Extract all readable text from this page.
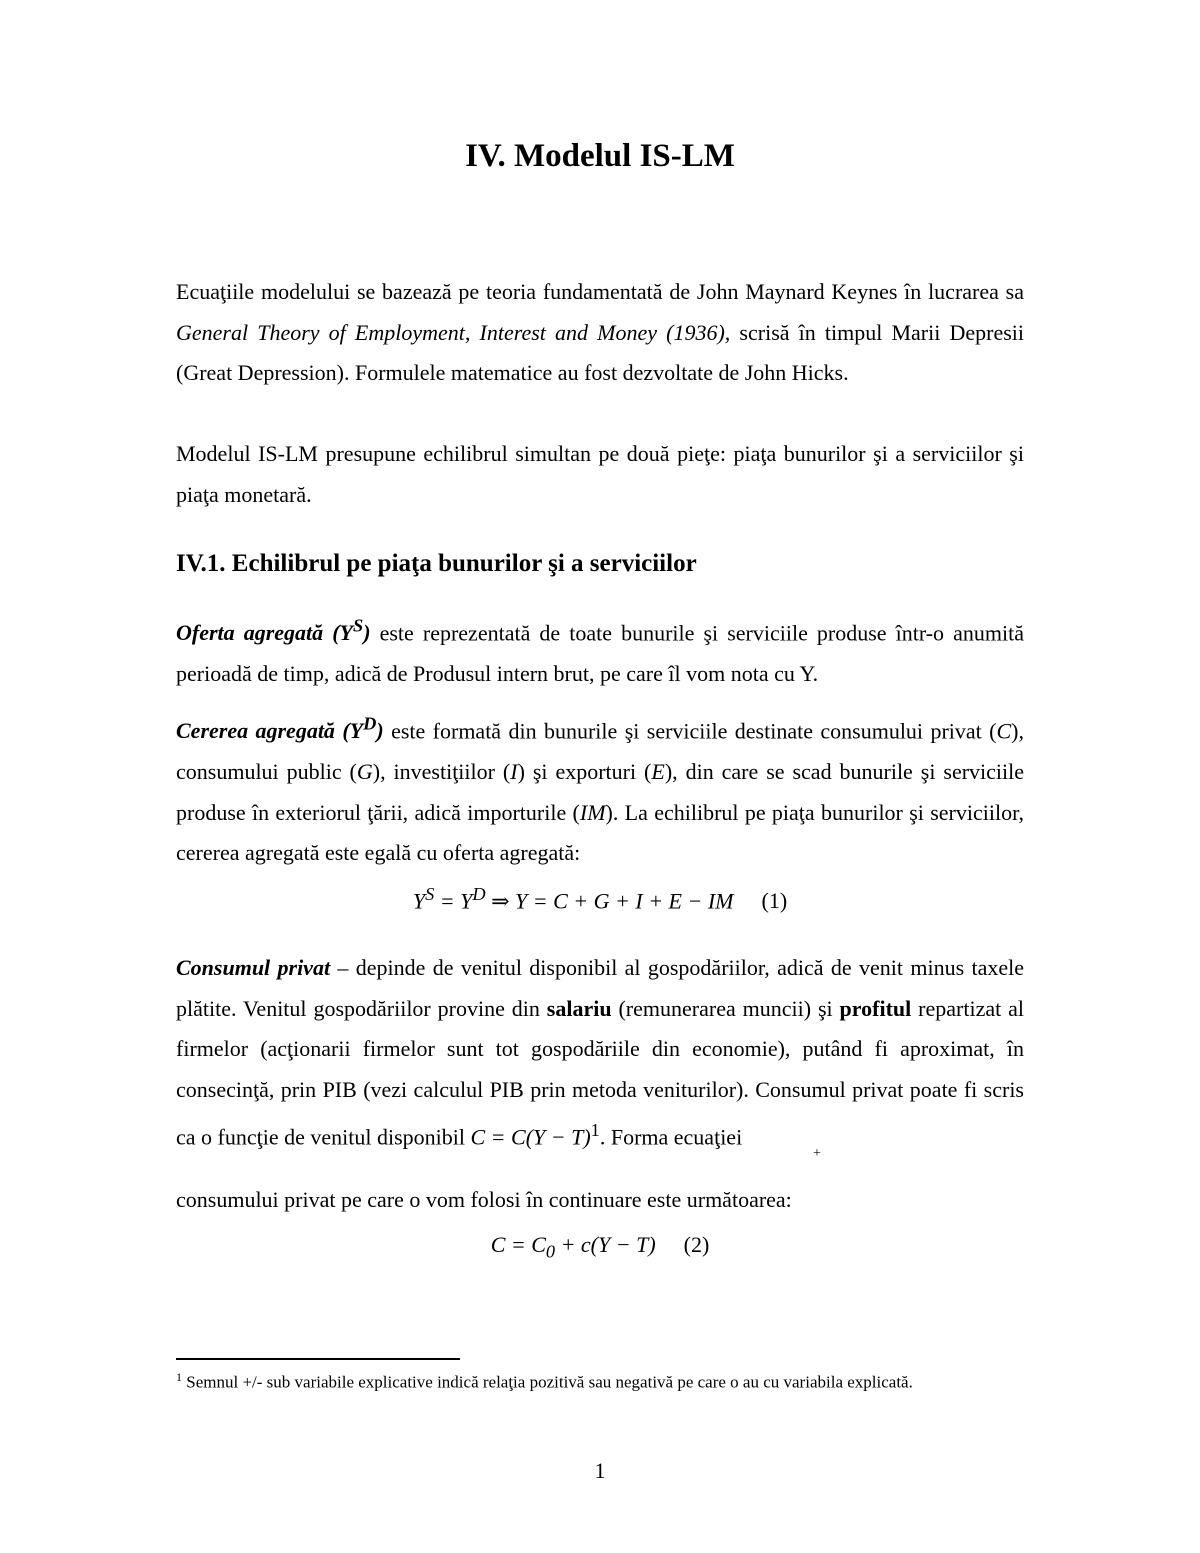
IV. Modelul IS-LM

Ecuaţiile modelului se bazează pe teoria fundamentată de John Maynard Keynes în lucrarea sa General Theory of Employment, Interest and Money (1936), scrisă în timpul Marii Depresii (Great Depression). Formulele matematice au fost dezvoltate de John Hicks.

Modelul IS-LM presupune echilibrul simultan pe două pieţe: piaţa bunurilor şi a serviciilor şi piaţa monetară.

IV.1. Echilibrul pe piaţa bunurilor şi a serviciilor

Oferta agregată $(Y^S)$ este reprezentată de toate bunurile şi serviciile produse într-o anumită perioadă de timp, adică de Produsul intern brut, pe care îl vom nota cu Y.

Cererea agregată $(Y^D)$ este formată din bunurile şi serviciile destinate consumului privat (C), consumului public (G), investiţiilor (I) şi exporturi (E), din care se scad bunurile şi serviciile produse în exteriorul ţării, adică importurile (IM). La echilibrul pe piaţa bunurilor şi serviciilor, cererea agregată este egală cu oferta agregată:

$Y^S = Y^D$ ⇒ Y = C + G + I + E − IM (1)

Consumul privat – depinde de venitul disponibil al gospodăriilor, adică de venit minus taxele plătite. Venitul gospodăriilor provine din salariu (remunerarea muncii) şi profitul repartizat al firmelor (acţionarii firmelor sunt tot gospodăriile din economie), putând fi aproximat, în consecinţă, prin PIB (vezi calculul PIB prin metoda veniturilor). Consumul privat poate fi scris ca o funcţie de venitul disponibil $C = C(Y - T)^1$. Forma ecuaţiei

+

consumului privat pe care o vom folosi în continuare este următoarea:

$C = C_0 + c(Y - T)$ (2)

$^1$ Semnul +/- sub variabile explicative indică relaţia pozitivă sau negativă pe care o au cu variabila explicată.

1
